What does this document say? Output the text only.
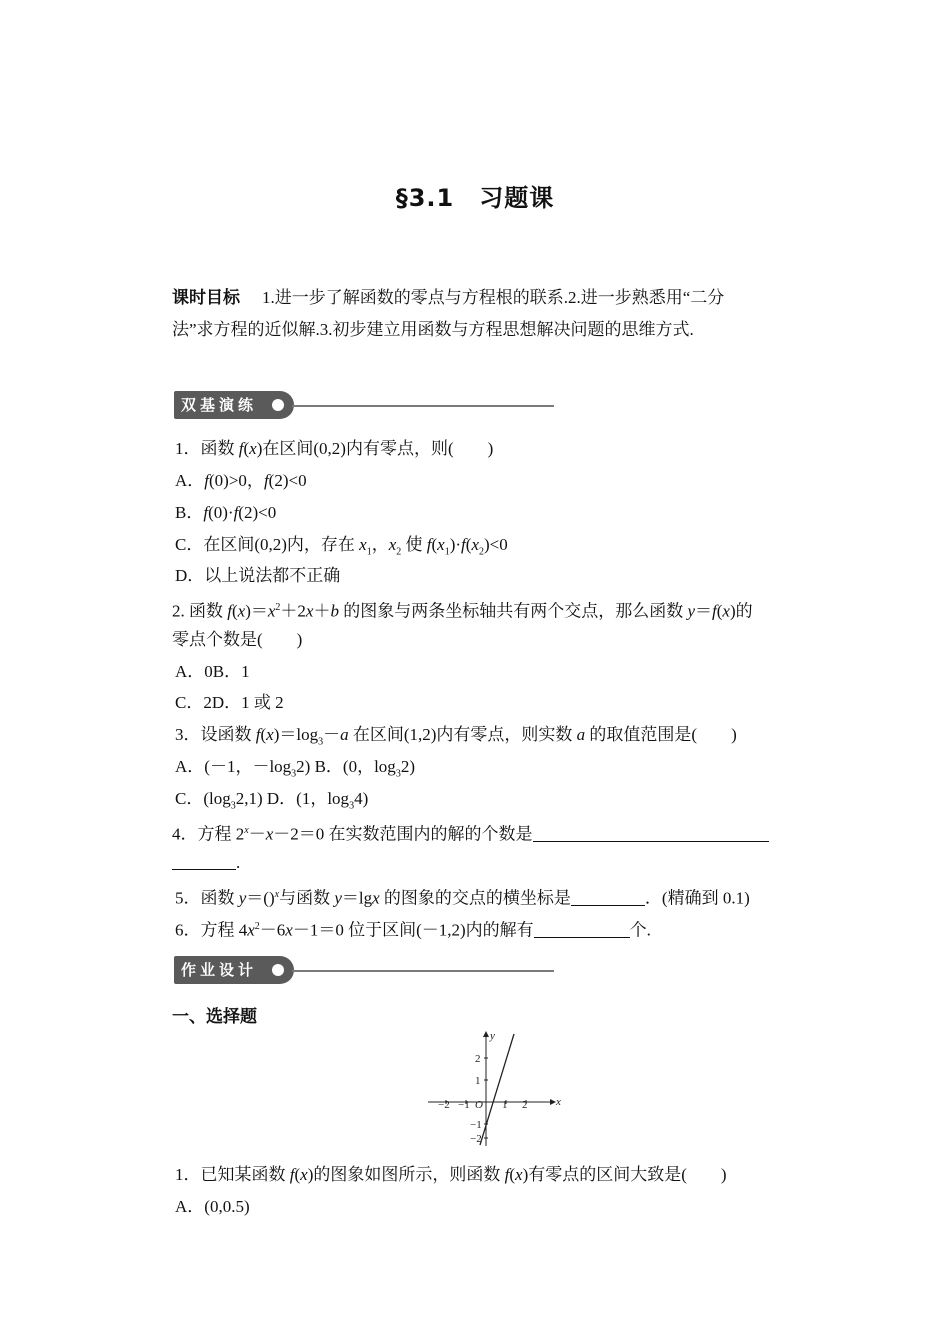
§3.1　习题课
课时目标 1.进一步了解函数的零点与方程根的联系.2.进一步熟悉用“二分
法”求方程的近似解.3.初步建立用函数与方程思想解决问题的思维方式.
双基演练
1．函数 f(x)在区间(0,2)内有零点，则(　　)
A．f(0)>0，f(2)<0
B．f(0)·f(2)<0
C．在区间(0,2)内，存在 $x_1$，$x_2$ 使 $f(x_1)\cdot f(x_2)<0$
D．以上说法都不正确
2. 函数 $f(x)=x^2+2x+b$ 的图象与两条坐标轴共有两个交点，那么函数 y＝f(x)的
零点个数是(　　)
A．0B．1
C．2D．1 或 2
3．设函数 $f(x)=\log_3-a$ 在区间(1,2)内有零点，则实数 a 的取值范围是(　　)
A．(－1，$-\log_32$) B．(0，$\log_32$)
C．$(\log_32,1)$ D．(1，$\log_34$)
4．方程 $2^x-x-2=0$ 在实数范围内的解的个数是
.
5．函数 y＝()$^x$与函数 y＝lgx 的图象的交点的横坐标是	．(精确到 0.1)
6．方程 $4x^2-6x-1=0$ 位于区间(－1,2)内的解有	个.
作业设计
一、选择题
x
y
O
−2 −1	1 2
2
1
−1
−2
1．已知某函数 f(x)的图象如图所示，则函数 f(x)有零点的区间大致是(　　)
A．(0,0.5)
